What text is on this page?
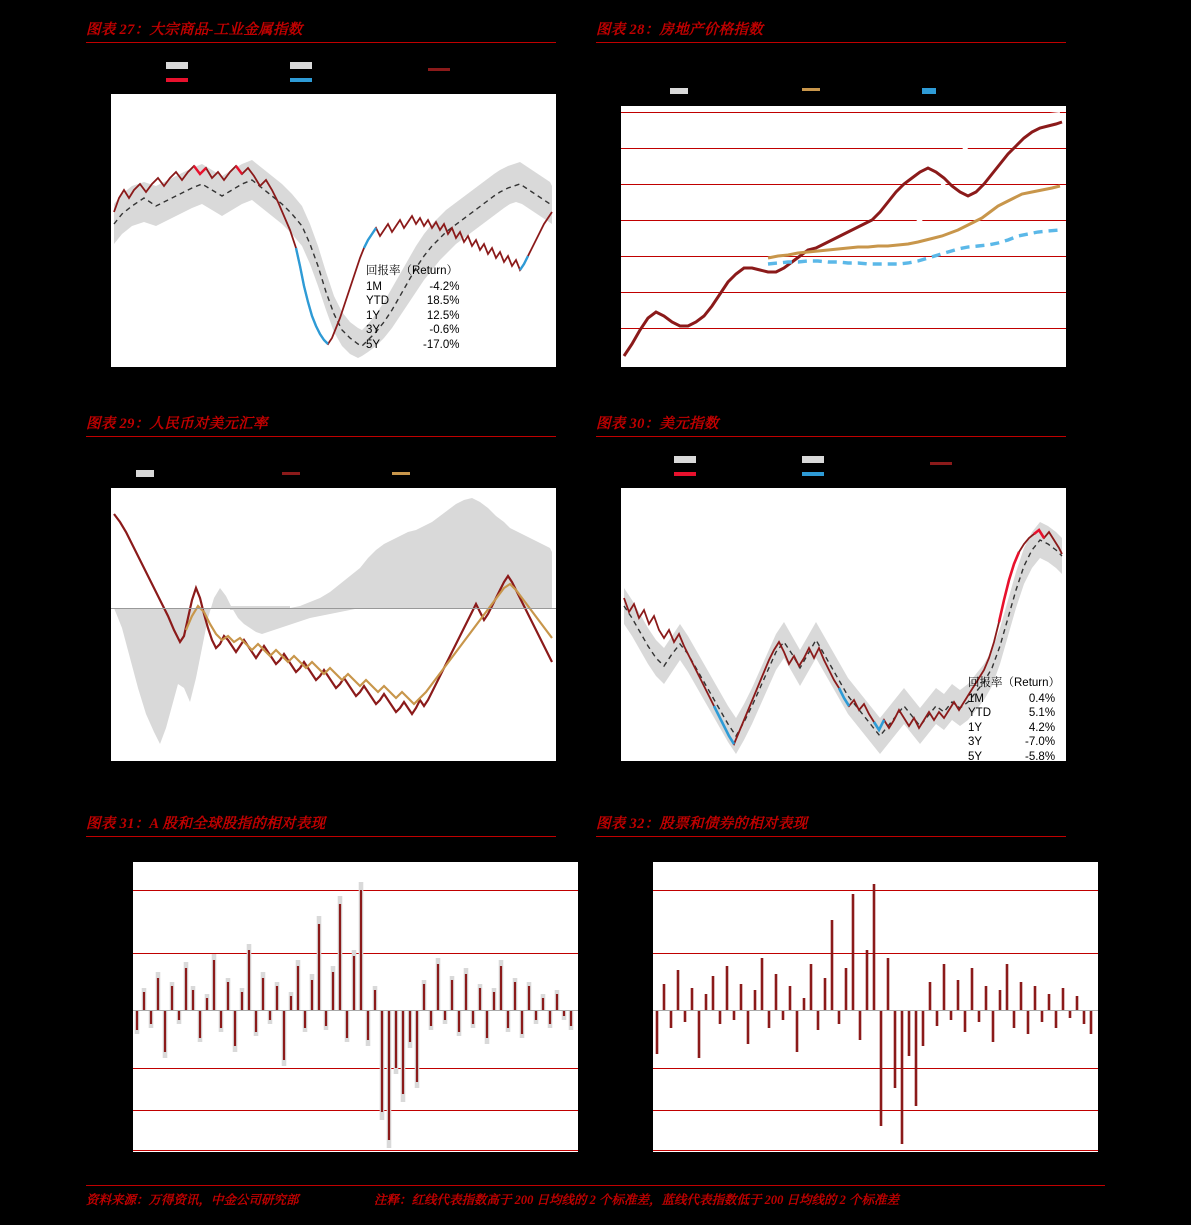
图表 27：大宗商品-工业金属指数
回报率（Return）
1M	-4.2%
YTD	18.5%
1Y	12.5%
3Y	-0.6%
5Y	-17.0%
图表 28：房地产价格指数
图表 29：人民币对美元汇率	图表 30：美元指数
回报率（Return）
1M	0.4%
YTD	5.1%
1Y	4.2%
3Y	-7.0%
5Y	-5.8%
图表 31：A 股和全球股指的相对表现	图表 32：股票和债券的相对表现
资料来源：万得资讯，中金公司研究部	注释：红线代表指数高于 200 日均线的 2 个标准差，蓝线代表指数低于 200 日均线的 2 个标准差
